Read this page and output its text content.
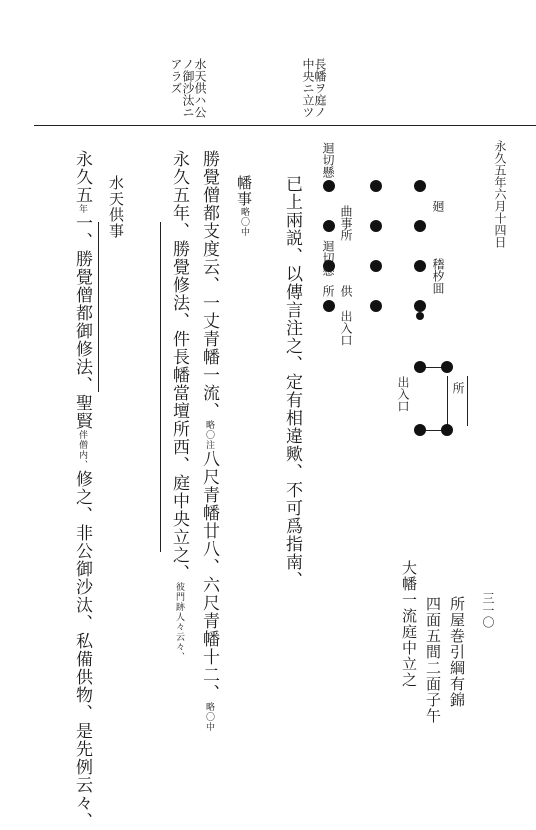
水天供ハ公
ノ御沙汰ニ
アラズ	長幡ヲ庭ノ
中央ニ立ツ
永久五年六月十四日
三一〇
所屋巻引綱有錦
四面五間二面子午
大幡一流庭中立之
所
出入口
𥡴𣏐囬
𢌞
曲事所
供
迴切懸
迴切懸
所
出入口
已上兩説、以傳言注之、定有相違歟、不可爲指南、
幡事略〇中
勝覺僧都支度云、一丈青幡一流、略〇注八尺青幡廿八、六尺青幡十二、略〇中
永久五年、勝覺修法、件長幡當壇所西、庭中央立之、彼門跡人々云々、
水天供事
永久五年一、勝覺僧都御修法、聖賢伴僧内、修之、非公御沙汰、私備供物、是先例云々、
